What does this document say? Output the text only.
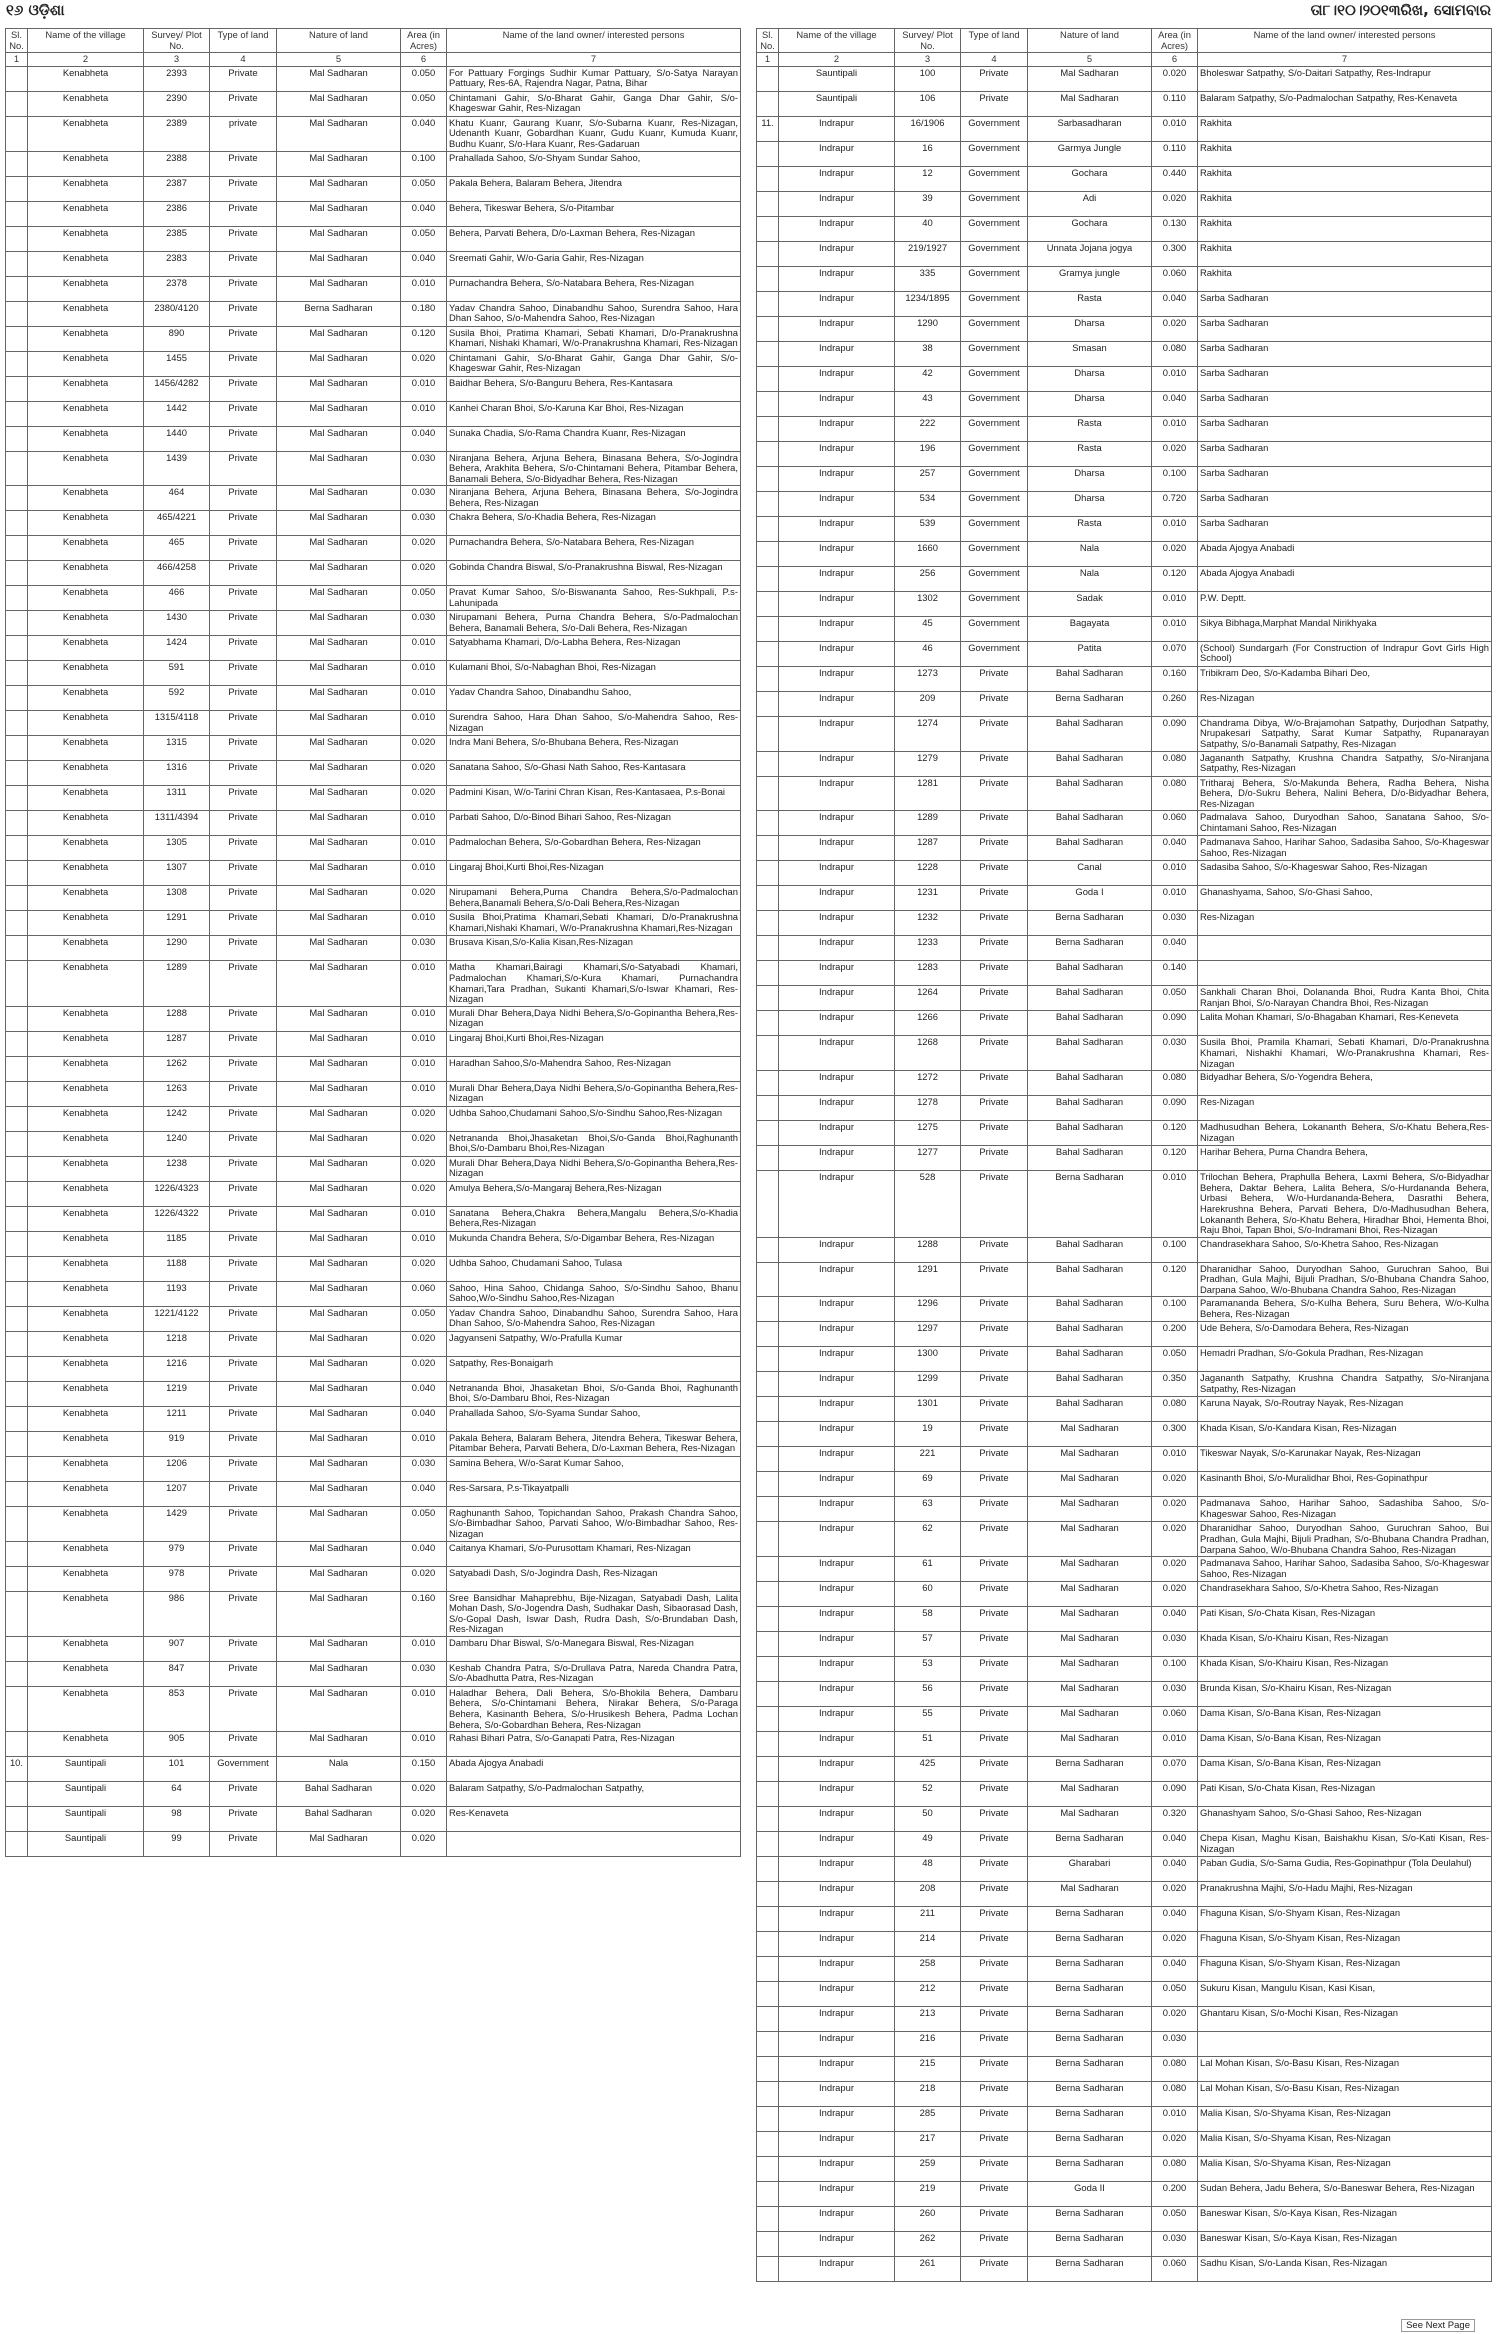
୧୬ ଓଡ଼ିଶା	ତା୮।୧୦।୨୦୧୩ରିଖ, ସୋମବାର
Sl. No.	Name of the village	Survey/ Plot No.	Type of land	Nature of land	Area (in Acres)	Name of the land owner/ interested persons
1	2	3	4	5	6	7
	Kenabheta	2393	Private	Mal Sadharan	0.050	For Pattuary Forgings Sudhir Kumar Pattuary, S/o-Satya Narayan Pattuary, Res-6A, Rajendra Nagar, Patna, Bihar
	Kenabheta	2390	Private	Mal Sadharan	0.050	Chintamani Gahir, S/o-Bharat Gahir, Ganga Dhar Gahir, S/o-Khageswar Gahir, Res-Nizagan
	Kenabheta	2389	private	Mal Sadharan	0.040	Khatu Kuanr, Gaurang Kuanr, S/o-Subarna Kuanr, Res-Nizagan, Udenanth Kuanr, Gobardhan Kuanr, Gudu Kuanr, Kumuda Kuanr, Budhu Kuanr, S/o-Hara Kuanr, Res-Gadaruan
	Kenabheta	2388	Private	Mal Sadharan	0.100	Prahallada Sahoo, S/o-Shyam Sundar Sahoo,
	Kenabheta	2387	Private	Mal Sadharan	0.050	Pakala Behera, Balaram Behera, Jitendra
	Kenabheta	2386	Private	Mal Sadharan	0.040	Behera, Tikeswar Behera, S/o-Pitambar
	Kenabheta	2385	Private	Mal Sadharan	0.050	Behera, Parvati Behera, D/o-Laxman Behera, Res-Nizagan
	Kenabheta	2383	Private	Mal Sadharan	0.040	Sreemati Gahir, W/o-Garia Gahir, Res-Nizagan
	Kenabheta	2378	Private	Mal Sadharan	0.010	Purnachandra Behera, S/o-Natabara Behera, Res-Nizagan
	Kenabheta	2380/4120	Private	Berna Sadharan	0.180	Yadav Chandra Sahoo, Dinabandhu Sahoo, Surendra Sahoo, Hara Dhan Sahoo, S/o-Mahendra Sahoo, Res-Nizagan
	Kenabheta	890	Private	Mal Sadharan	0.120	Susila Bhoi, Pratima Khamari, Sebati Khamari, D/o-Pranakrushna Khamari, Nishaki Khamari, W/o-Pranakrushna Khamari, Res-Nizagan
	Kenabheta	1455	Private	Mal Sadharan	0.020	Chintamani Gahir, S/o-Bharat Gahir, Ganga Dhar Gahir, S/o-Khageswar Gahir, Res-Nizagan
	Kenabheta	1456/4282	Private	Mal Sadharan	0.010	Baidhar Behera, S/o-Banguru Behera, Res-Kantasara
	Kenabheta	1442	Private	Mal Sadharan	0.010	Kanhei Charan Bhoi, S/o-Karuna Kar Bhoi, Res-Nizagan
	Kenabheta	1440	Private	Mal Sadharan	0.040	Sunaka Chadia, S/o-Rama Chandra Kuanr, Res-Nizagan
	Kenabheta	1439	Private	Mal Sadharan	0.030	Niranjana Behera, Arjuna Behera, Binasana Behera, S/o-Jogindra Behera, Arakhita Behera, S/o-Chintamani Behera, Pitambar Behera, Banamali Behera, S/o-Bidyadhar Behera, Res-Nizagan
	Kenabheta	464	Private	Mal Sadharan	0.030	Niranjana Behera, Arjuna Behera, Binasana Behera, S/o-Jogindra Behera, Res-Nizagan
	Kenabheta	465/4221	Private	Mal Sadharan	0.030	Chakra Behera, S/o-Khadia Behera, Res-Nizagan
	Kenabheta	465	Private	Mal Sadharan	0.020	Purnachandra Behera, S/o-Natabara Behera, Res-Nizagan
	Kenabheta	466/4258	Private	Mal Sadharan	0.020	Gobinda Chandra Biswal, S/o-Pranakrushna Biswal, Res-Nizagan
	Kenabheta	466	Private	Mal Sadharan	0.050	Pravat Kumar Sahoo, S/o-Biswananta Sahoo, Res-Sukhpali, P.s-Lahunipada
	Kenabheta	1430	Private	Mal Sadharan	0.030	Nirupamani Behera, Purna Chandra Behera, S/o-Padmalochan Behera, Banamali Behera, S/o-Dali Behera, Res-Nizagan
	Kenabheta	1424	Private	Mal Sadharan	0.010	Satyabhama Khamari, D/o-Labha Behera, Res-Nizagan
	Kenabheta	591	Private	Mal Sadharan	0.010	Kulamani Bhoi, S/o-Nabaghan Bhoi, Res-Nizagan
	Kenabheta	592	Private	Mal Sadharan	0.010	Yadav Chandra Sahoo, Dinabandhu Sahoo,
	Kenabheta	1315/4118	Private	Mal Sadharan	0.010	Surendra Sahoo, Hara Dhan Sahoo, S/o-Mahendra Sahoo, Res-Nizagan
	Kenabheta	1315	Private	Mal Sadharan	0.020	Indra Mani Behera, S/o-Bhubana Behera, Res-Nizagan
	Kenabheta	1316	Private	Mal Sadharan	0.020	Sanatana Sahoo, S/o-Ghasi Nath Sahoo, Res-Kantasara
	Kenabheta	1311	Private	Mal Sadharan	0.020	Padmini Kisan, W/o-Tarini Chran Kisan, Res-Kantasaea, P.s-Bonai
	Kenabheta	1311/4394	Private	Mal Sadharan	0.010	Parbati Sahoo, D/o-Binod Bihari Sahoo, Res-Nizagan
	Kenabheta	1305	Private	Mal Sadharan	0.010	Padmalochan Behera, S/o-Gobardhan Behera, Res-Nizagan
	Kenabheta	1307	Private	Mal Sadharan	0.010	Lingaraj Bhoi,Kurti Bhoi,Res-Nizagan
	Kenabheta	1308	Private	Mal Sadharan	0.020	Nirupamani Behera,Purna Chandra Behera,S/o-Padmalochan Behera,Banamali Behera,S/o-Dali Behera,Res-Nizagan
	Kenabheta	1291	Private	Mal Sadharan	0.010	Susila Bhoi,Pratima Khamari,Sebati Khamari, D/o-Pranakrushna Khamari,Nishaki Khamari, W/o-Pranakrushna Khamari,Res-Nizagan
	Kenabheta	1290	Private	Mal Sadharan	0.030	Brusava Kisan,S/o-Kalia Kisan,Res-Nizagan
	Kenabheta	1289	Private	Mal Sadharan	0.010	Matha Khamari,Bairagi Khamari,S/o-Satyabadi Khamari, Padmalochan Khamari,S/o-Kura Khamari, Purnachandra Khamari,Tara Pradhan, Sukanti Khamari,S/o-Iswar Khamari, Res-Nizagan
	Kenabheta	1288	Private	Mal Sadharan	0.010	Murali Dhar Behera,Daya Nidhi Behera,S/o-Gopinantha Behera,Res-Nizagan
	Kenabheta	1287	Private	Mal Sadharan	0.010	Lingaraj Bhoi,Kurti Bhoi,Res-Nizagan
	Kenabheta	1262	Private	Mal Sadharan	0.010	Haradhan Sahoo,S/o-Mahendra Sahoo, Res-Nizagan
	Kenabheta	1263	Private	Mal Sadharan	0.010	Murali Dhar Behera,Daya Nidhi Behera,S/o-Gopinantha Behera,Res-Nizagan
	Kenabheta	1242	Private	Mal Sadharan	0.020	Udhba Sahoo,Chudamani Sahoo,S/o-Sindhu Sahoo,Res-Nizagan
	Kenabheta	1240	Private	Mal Sadharan	0.020	Netrananda Bhoi,Jhasaketan Bhoi,S/o-Ganda Bhoi,Raghunanth Bhoi,S/o-Dambaru Bhoi,Res-Nizagan
	Kenabheta	1238	Private	Mal Sadharan	0.020	Murali Dhar Behera,Daya Nidhi Behera,S/o-Gopinantha Behera,Res-Nizagan
	Kenabheta	1226/4323	Private	Mal Sadharan	0.020	Amulya Behera,S/o-Mangaraj Behera,Res-Nizagan
	Kenabheta	1226/4322	Private	Mal Sadharan	0.010	Sanatana Behera,Chakra Behera,Mangalu Behera,S/o-Khadia Behera,Res-Nizagan
	Kenabheta	1185	Private	Mal Sadharan	0.010	Mukunda Chandra Behera, S/o-Digambar Behera, Res-Nizagan
	Kenabheta	1188	Private	Mal Sadharan	0.020	Udhba Sahoo, Chudamani Sahoo, Tulasa
	Kenabheta	1193	Private	Mal Sadharan	0.060	Sahoo, Hina Sahoo, Chidanga Sahoo, S/o-Sindhu Sahoo, Bhanu Sahoo,W/o-Sindhu Sahoo,Res-Nizagan
	Kenabheta	1221/4122	Private	Mal Sadharan	0.050	Yadav Chandra Sahoo, Dinabandhu Sahoo, Surendra Sahoo, Hara Dhan Sahoo, S/o-Mahendra Sahoo, Res-Nizagan
	Kenabheta	1218	Private	Mal Sadharan	0.020	Jagyanseni Satpathy, W/o-Prafulla Kumar
	Kenabheta	1216	Private	Mal Sadharan	0.020	Satpathy, Res-Bonaigarh
	Kenabheta	1219	Private	Mal Sadharan	0.040	Netrananda Bhoi, Jhasaketan Bhoi, S/o-Ganda Bhoi, Raghunanth Bhoi, S/o-Dambaru Bhoi, Res-Nizagan
	Kenabheta	1211	Private	Mal Sadharan	0.040	Prahallada Sahoo, S/o-Syama Sundar Sahoo,
	Kenabheta	919	Private	Mal Sadharan	0.010	Pakala Behera, Balaram Behera, Jitendra Behera, Tikeswar Behera, Pitambar Behera, Parvati Behera, D/o-Laxman Behera, Res-Nizagan
	Kenabheta	1206	Private	Mal Sadharan	0.030	Samina Behera, W/o-Sarat Kumar Sahoo,
	Kenabheta	1207	Private	Mal Sadharan	0.040	Res-Sarsara, P.s-Tikayatpalli
	Kenabheta	1429	Private	Mal Sadharan	0.050	Raghunanth Sahoo, Topichandan Sahoo, Prakash Chandra Sahoo, S/o-Bimbadhar Sahoo, Parvati Sahoo, W/o-Bimbadhar Sahoo, Res-Nizagan
	Kenabheta	979	Private	Mal Sadharan	0.040	Caitanya Khamari, S/o-Purusottam Khamari, Res-Nizagan
	Kenabheta	978	Private	Mal Sadharan	0.020	Satyabadi Dash, S/o-Jogindra Dash, Res-Nizagan
	Kenabheta	986	Private	Mal Sadharan	0.160	Sree Bansidhar Mahaprebhu, Bije-Nizagan, Satyabadi Dash, Lalita Mohan Dash, S/o-Jogendra Dash, Sudhakar Dash, Sibaorasad Dash, S/o-Gopal Dash, Iswar Dash, Rudra Dash, S/o-Brundaban Dash, Res-Nizagan
	Kenabheta	907	Private	Mal Sadharan	0.010	Dambaru Dhar Biswal, S/o-Manegara Biswal, Res-Nizagan
	Kenabheta	847	Private	Mal Sadharan	0.030	Keshab Chandra Patra, S/o-Drullava Patra, Nareda Chandra Patra, S/o-Abadhutta Patra, Res-Nizagan
	Kenabheta	853	Private	Mal Sadharan	0.010	Haladhar Behera, Dali Behera, S/o-Bhokila Behera, Dambaru Behera, S/o-Chintamani Behera, Nirakar Behera, S/o-Paraga Behera, Kasinanth Behera, S/o-Hrusikesh Behera, Padma Lochan Behera, S/o-Gobardhan Behera, Res-Nizagan
	Kenabheta	905	Private	Mal Sadharan	0.010	Rahasi Bihari Patra, S/o-Ganapati Patra, Res-Nizagan
10.	Sauntipali	101	Government	Nala	0.150	Abada Ajogya Anabadi
	Sauntipali	64	Private	Bahal Sadharan	0.020	Balaram Satpathy, S/o-Padmalochan Satpathy,
	Sauntipali	98	Private	Bahal Sadharan	0.020	Res-Kenaveta
	Sauntipali	99	Private	Mal Sadharan	0.020	
Sl. No.	Name of the village	Survey/ Plot No.	Type of land	Nature of land	Area (in Acres)	Name of the land owner/ interested persons
1	2	3	4	5	6	7
	Sauntipali	100	Private	Mal Sadharan	0.020	Bholeswar Satpathy, S/o-Daitari Satpathy, Res-Indrapur
	Sauntipali	106	Private	Mal Sadharan	0.110	Balaram Satpathy, S/o-Padmalochan Satpathy, Res-Kenaveta
11.	Indrapur	16/1906	Government	Sarbasadharan	0.010	Rakhita
	Indrapur	16	Government	Garmya Jungle	0.110	Rakhita
	Indrapur	12	Government	Gochara	0.440	Rakhita
	Indrapur	39	Government	Adi	0.020	Rakhita
	Indrapur	40	Government	Gochara	0.130	Rakhita
	Indrapur	219/1927	Government	Unnata Jojana jogya	0.300	Rakhita
	Indrapur	335	Government	Gramya jungle	0.060	Rakhita
	Indrapur	1234/1895	Government	Rasta	0.040	Sarba Sadharan
	Indrapur	1290	Government	Dharsa	0.020	Sarba Sadharan
	Indrapur	38	Government	Smasan	0.080	Sarba Sadharan
	Indrapur	42	Government	Dharsa	0.010	Sarba Sadharan
	Indrapur	43	Government	Dharsa	0.040	Sarba Sadharan
	Indrapur	222	Government	Rasta	0.010	Sarba Sadharan
	Indrapur	196	Government	Rasta	0.020	Sarba Sadharan
	Indrapur	257	Government	Dharsa	0.100	Sarba Sadharan
	Indrapur	534	Government	Dharsa	0.720	Sarba Sadharan
	Indrapur	539	Government	Rasta	0.010	Sarba Sadharan
	Indrapur	1660	Government	Nala	0.020	Abada Ajogya Anabadi
	Indrapur	256	Government	Nala	0.120	Abada Ajogya Anabadi
	Indrapur	1302	Government	Sadak	0.010	P.W. Deptt.
	Indrapur	45	Government	Bagayata	0.010	Sikya Bibhaga,Marphat Mandal Nirikhyaka
	Indrapur	46	Government	Patita	0.070	(School) Sundargarh (For Construction of Indrapur Govt Girls High School)
	Indrapur	1273	Private	Bahal Sadharan	0.160	Tribikram Deo, S/o-Kadamba Bihari Deo,
	Indrapur	209	Private	Berna Sadharan	0.260	Res-Nizagan
	Indrapur	1274	Private	Bahal Sadharan	0.090	Chandrama Dibya, W/o-Brajamohan Satpathy, Durjodhan Satpathy, Nrupakesari Satpathy, Sarat Kumar Satpathy, Rupanarayan Satpathy, S/o-Banamali Satpathy, Res-Nizagan
	Indrapur	1279	Private	Bahal Sadharan	0.080	Jagananth Satpathy, Krushna Chandra Satpathy, S/o-Niranjana Satpathy, Res-Nizagan
	Indrapur	1281	Private	Bahal Sadharan	0.080	Tritharaj Behera, S/o-Makunda Behera, Radha Behera, Nisha Behera, D/o-Sukru Behera, Nalini Behera, D/o-Bidyadhar Behera, Res-Nizagan
	Indrapur	1289	Private	Bahal Sadharan	0.060	Padmalava Sahoo, Duryodhan Sahoo, Sanatana Sahoo, S/o-Chintamani Sahoo, Res-Nizagan
	Indrapur	1287	Private	Bahal Sadharan	0.040	Padmanava Sahoo, Harihar Sahoo, Sadasiba Sahoo, S/o-Khageswar Sahoo, Res-Nizagan
	Indrapur	1228	Private	Canal	0.010	Sadasiba Sahoo, S/o-Khageswar Sahoo, Res-Nizagan
	Indrapur	1231	Private	Goda I	0.010	Ghanashyama, Sahoo, S/o-Ghasi Sahoo,
	Indrapur	1232	Private	Berna Sadharan	0.030	Res-Nizagan
	Indrapur	1233	Private	Berna Sadharan	0.040	
	Indrapur	1283	Private	Bahal Sadharan	0.140	
	Indrapur	1264	Private	Bahal Sadharan	0.050	Sankhali Charan Bhoi, Dolananda Bhoi, Rudra Kanta Bhoi, Chita Ranjan Bhoi, S/o-Narayan Chandra Bhoi, Res-Nizagan
	Indrapur	1266	Private	Bahal Sadharan	0.090	Lalita Mohan Khamari, S/o-Bhagaban Khamari, Res-Keneveta
	Indrapur	1268	Private	Bahal Sadharan	0.030	Susila Bhoi, Pramila Khamari, Sebati Khamari, D/o-Pranakrushna Khamari, Nishakhi Khamari, W/o-Pranakrushna Khamari, Res-Nizagan
	Indrapur	1272	Private	Bahal Sadharan	0.080	Bidyadhar Behera, S/o-Yogendra Behera,
	Indrapur	1278	Private	Bahal Sadharan	0.090	Res-Nizagan
	Indrapur	1275	Private	Bahal Sadharan	0.120	Madhusudhan Behera, Lokananth Behera, S/o-Khatu Behera,Res-Nizagan
	Indrapur	1277	Private	Bahal Sadharan	0.120	Harihar Behera, Purna Chandra Behera,
	Indrapur	528	Private	Berna Sadharan	0.010	Trilochan Behera, Praphulla Behera, Laxmi Behera, S/o-Bidyadhar Behera, Daktar Behera, Lalita Behera, S/o-Hurdananda Behera, Urbasi Behera, W/o-Hurdananda-Behera, Dasrathi Behera, Harekrushna Behera, Parvati Behera, D/o-Madhusudhan Behera, Lokananth Behera, S/o-Khatu Behera, Hiradhar Bhoi, Hementa Bhoi, Raju Bhoi, Tapan Bhoi, S/o-Indramani Bhoi, Res-Nizagan
	Indrapur	1288	Private	Bahal Sadharan	0.100	Chandrasekhara Sahoo, S/o-Khetra Sahoo, Res-Nizagan
	Indrapur	1291	Private	Bahal Sadharan	0.120	Dharanidhar Sahoo, Duryodhan Sahoo, Guruchran Sahoo, Bui Pradhan, Gula Majhi, Bijuli Pradhan, S/o-Bhubana Chandra Sahoo, Darpana Sahoo, W/o-Bhubana Chandra Sahoo, Res-Nizagan
	Indrapur	1296	Private	Bahal Sadharan	0.100	Paramananda Behera, S/o-Kulha Behera, Suru Behera, W/o-Kulha Behera, Res-Nizagan
	Indrapur	1297	Private	Bahal Sadharan	0.200	Ude Behera, S/o-Damodara Behera, Res-Nizagan
	Indrapur	1300	Private	Bahal Sadharan	0.050	Hemadri Pradhan, S/o-Gokula Pradhan, Res-Nizagan
	Indrapur	1299	Private	Bahal Sadharan	0.350	Jagananth Satpathy, Krushna Chandra Satpathy, S/o-Niranjana Satpathy, Res-Nizagan
	Indrapur	1301	Private	Bahal Sadharan	0.080	Karuna Nayak, S/o-Routray Nayak, Res-Nizagan
	Indrapur	19	Private	Mal Sadharan	0.300	Khada Kisan, S/o-Kandara Kisan, Res-Nizagan
	Indrapur	221	Private	Mal Sadharan	0.010	Tikeswar Nayak, S/o-Karunakar Nayak, Res-Nizagan
	Indrapur	69	Private	Mal Sadharan	0.020	Kasinanth Bhoi, S/o-Muralidhar Bhoi, Res-Gopinathpur
	Indrapur	63	Private	Mal Sadharan	0.020	Padmanava Sahoo, Harihar Sahoo, Sadashiba Sahoo, S/o-Khageswar Sahoo, Res-Nizagan
	Indrapur	62	Private	Mal Sadharan	0.020	Dharanidhar Sahoo, Duryodhan Sahoo, Guruchran Sahoo, Bui Pradhan, Gula Majhi, Bijuli Pradhan, S/o-Bhubana Chandra Pradhan, Darpana Sahoo, W/o-Bhubana Chandra Sahoo, Res-Nizagan
	Indrapur	61	Private	Mal Sadharan	0.020	Padmanava Sahoo, Harihar Sahoo, Sadasiba Sahoo, S/o-Khageswar Sahoo, Res-Nizagan
	Indrapur	60	Private	Mal Sadharan	0.020	Chandrasekhara Sahoo, S/o-Khetra Sahoo, Res-Nizagan
	Indrapur	58	Private	Mal Sadharan	0.040	Pati Kisan, S/o-Chata Kisan, Res-Nizagan
	Indrapur	57	Private	Mal Sadharan	0.030	Khada Kisan, S/o-Khairu Kisan, Res-Nizagan
	Indrapur	53	Private	Mal Sadharan	0.100	Khada Kisan, S/o-Khairu Kisan, Res-Nizagan
	Indrapur	56	Private	Mal Sadharan	0.030	Brunda Kisan, S/o-Khairu Kisan, Res-Nizagan
	Indrapur	55	Private	Mal Sadharan	0.060	Dama Kisan, S/o-Bana Kisan, Res-Nizagan
	Indrapur	51	Private	Mal Sadharan	0.010	Dama Kisan, S/o-Bana Kisan, Res-Nizagan
	Indrapur	425	Private	Berna Sadharan	0.070	Dama Kisan, S/o-Bana Kisan, Res-Nizagan
	Indrapur	52	Private	Mal Sadharan	0.090	Pati Kisan, S/o-Chata Kisan, Res-Nizagan
	Indrapur	50	Private	Mal Sadharan	0.320	Ghanashyam Sahoo, S/o-Ghasi Sahoo, Res-Nizagan
	Indrapur	49	Private	Berna Sadharan	0.040	Chepa Kisan, Maghu Kisan, Baishakhu Kisan, S/o-Kati Kisan, Res-Nizagan
	Indrapur	48	Private	Gharabari	0.040	Paban Gudia, S/o-Sama Gudia, Res-Gopinathpur (Tola Deulahul)
	Indrapur	208	Private	Mal Sadharan	0.020	Pranakrushna Majhi, S/o-Hadu Majhi, Res-Nizagan
	Indrapur	211	Private	Berna Sadharan	0.040	Fhaguna Kisan, S/o-Shyam Kisan, Res-Nizagan
	Indrapur	214	Private	Berna Sadharan	0.020	Fhaguna Kisan, S/o-Shyam Kisan, Res-Nizagan
	Indrapur	258	Private	Berna Sadharan	0.040	Fhaguna Kisan, S/o-Shyam Kisan, Res-Nizagan
	Indrapur	212	Private	Berna Sadharan	0.050	Sukuru Kisan, Mangulu Kisan, Kasi Kisan,
	Indrapur	213	Private	Berna Sadharan	0.020	Ghantaru Kisan, S/o-Mochi Kisan, Res-Nizagan
	Indrapur	216	Private	Berna Sadharan	0.030	
	Indrapur	215	Private	Berna Sadharan	0.080	Lal Mohan Kisan, S/o-Basu Kisan, Res-Nizagan
	Indrapur	218	Private	Berna Sadharan	0.080	Lal Mohan Kisan, S/o-Basu Kisan, Res-Nizagan
	Indrapur	285	Private	Berna Sadharan	0.010	Malia Kisan, S/o-Shyama Kisan, Res-Nizagan
	Indrapur	217	Private	Berna Sadharan	0.020	Malia Kisan, S/o-Shyama Kisan, Res-Nizagan
	Indrapur	259	Private	Berna Sadharan	0.080	Malia Kisan, S/o-Shyama Kisan, Res-Nizagan
	Indrapur	219	Private	Goda II	0.200	Sudan Behera, Jadu Behera, S/o-Baneswar Behera, Res-Nizagan
	Indrapur	260	Private	Berna Sadharan	0.050	Baneswar Kisan, S/o-Kaya Kisan, Res-Nizagan
	Indrapur	262	Private	Berna Sadharan	0.030	Baneswar Kisan, S/o-Kaya Kisan, Res-Nizagan
	Indrapur	261	Private	Berna Sadharan	0.060	Sadhu Kisan, S/o-Landa Kisan, Res-Nizagan
See Next Page
